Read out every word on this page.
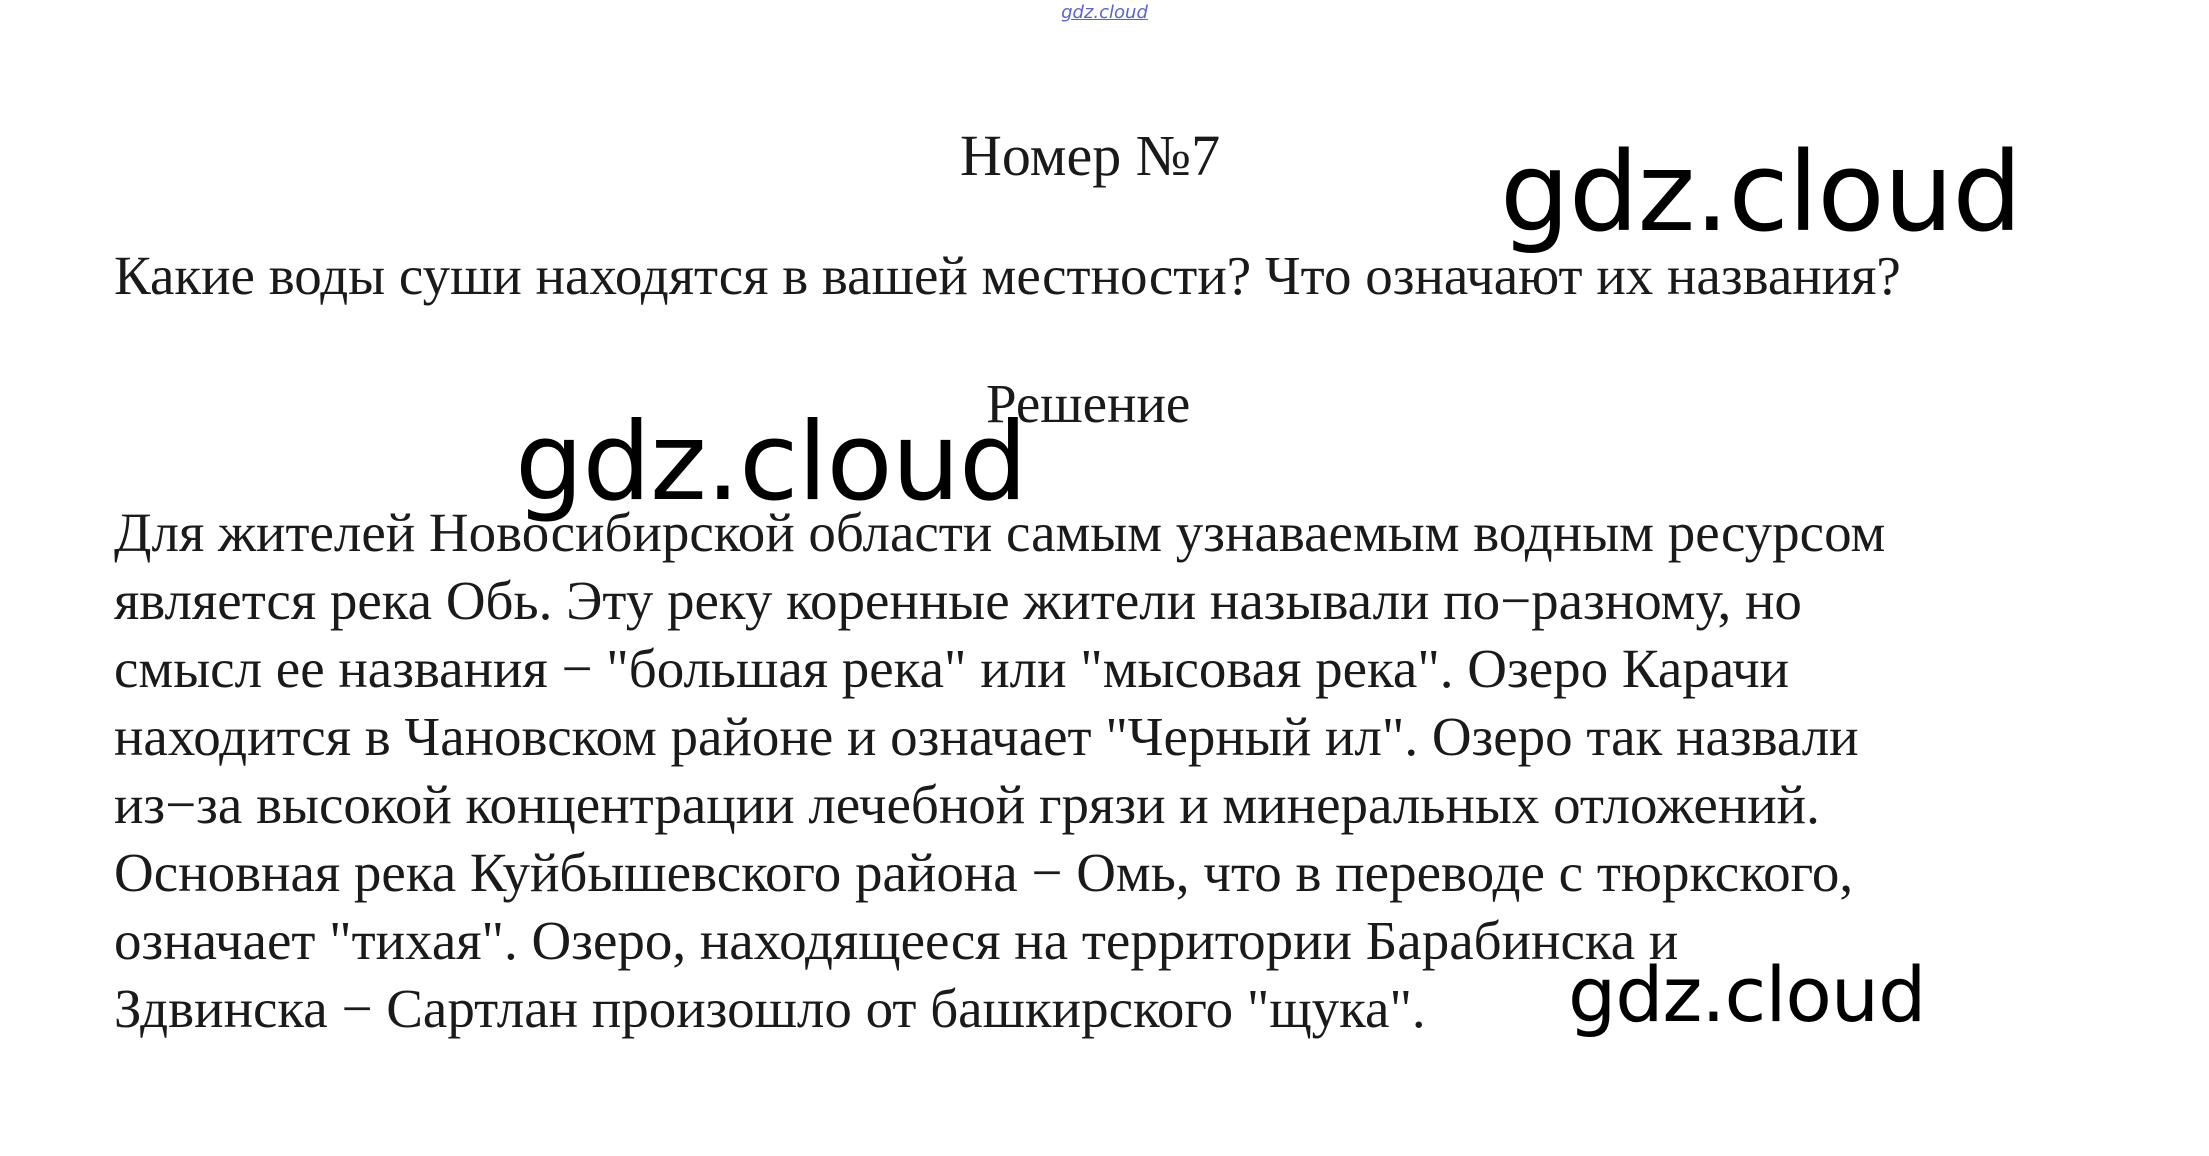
gdz.cloud
Номер №7
Какие воды суши находятся в вашей местности? Что означают их названия?
Решение
Для жителей Новосибирской области самым узнаваемым водным ресурсом
является река Обь. Эту реку коренные жители называли по−разному, но
смысл ее названия − "большая река" или "мысовая река". Озеро Карачи
находится в Чановском районе и означает "Черный ил". Озеро так назвали
из−за высокой концентрации лечебной грязи и минеральных отложений.
Основная река Куйбышевского района − Омь, что в переводе с тюркского,
означает "тихая". Озеро, находящееся на территории Барабинска и
Здвинска − Сартлан произошло от башкирского "щука".
gdz.cloud
gdz.cloud
gdz.cloud
